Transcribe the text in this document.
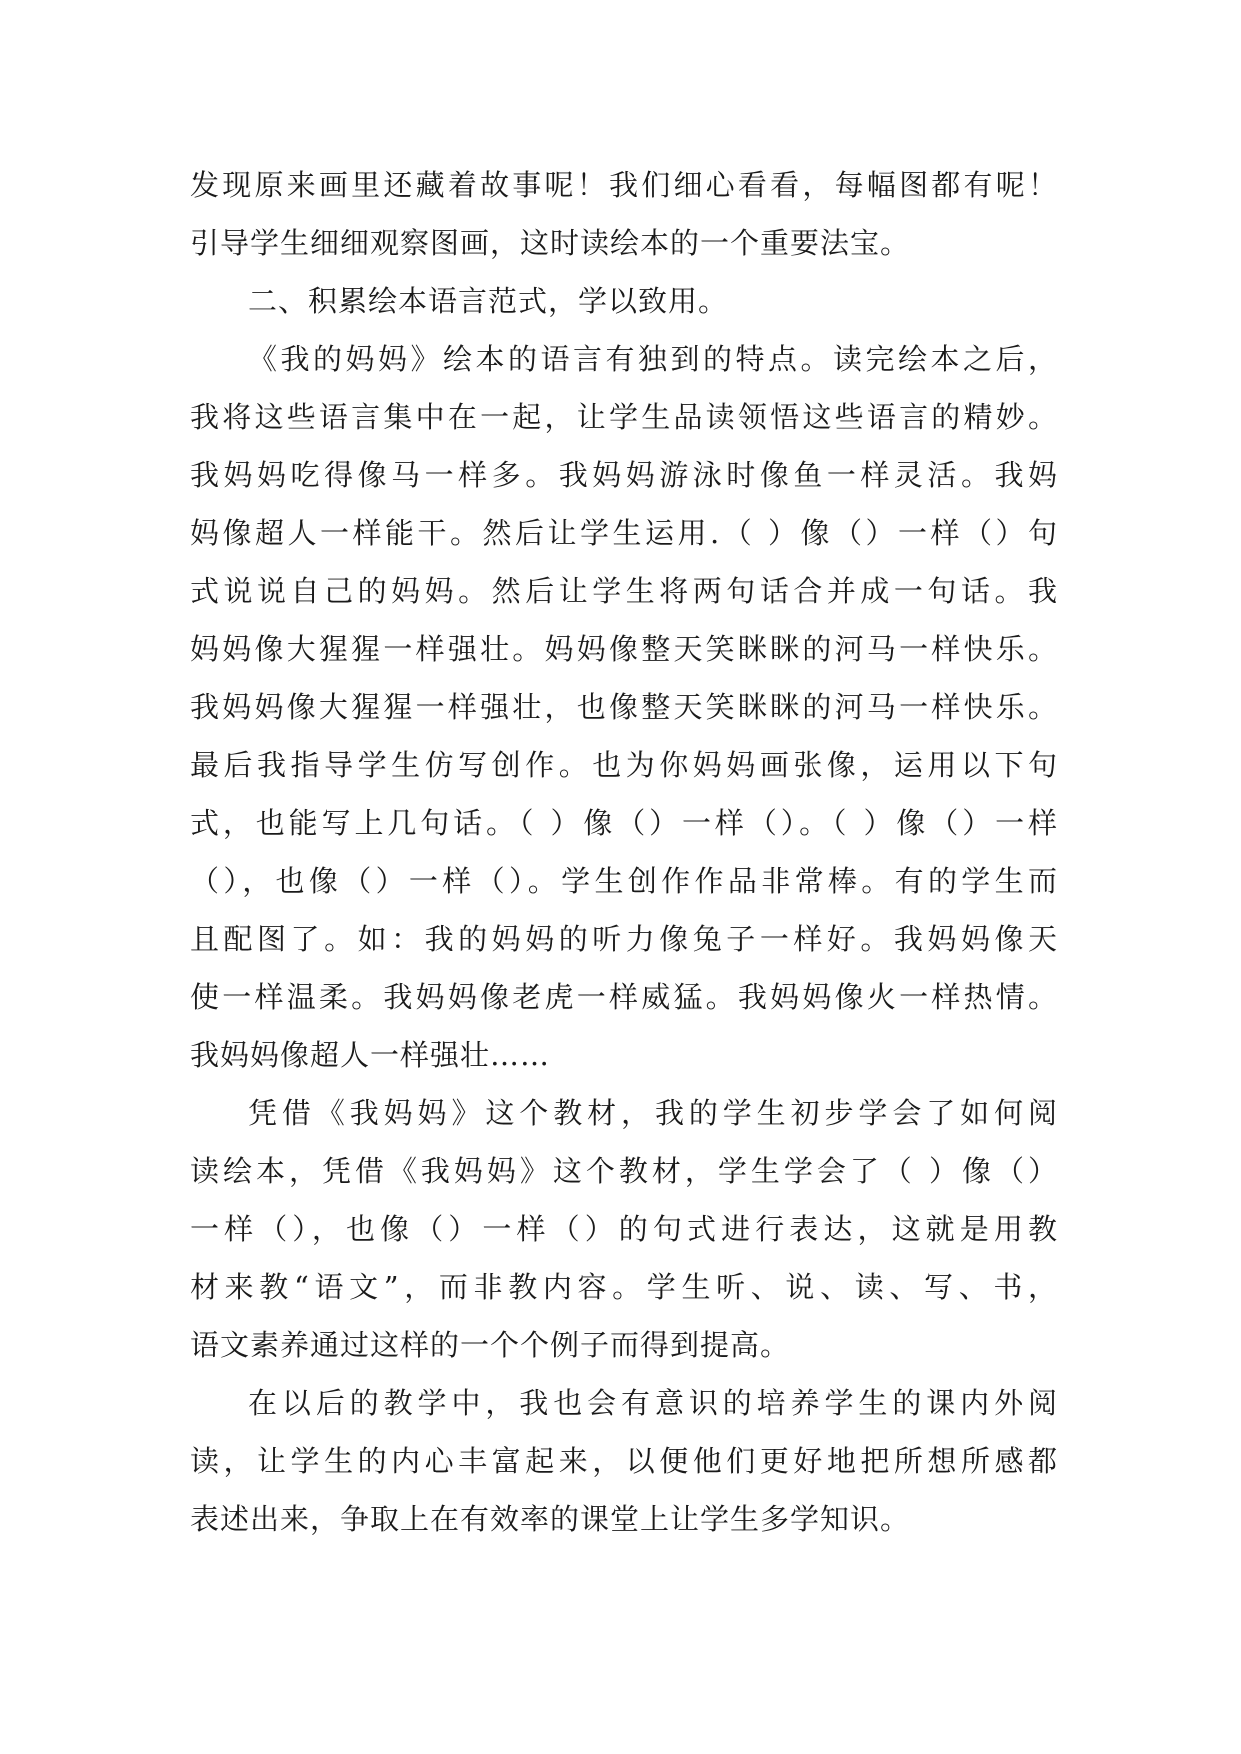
发现原来画里还藏着故事呢！我们细心看看，每幅图都有呢！
引导学生细细观察图画，这时读绘本的一个重要法宝。
二、积累绘本语言范式，学以致用。
《我的妈妈》绘本的语言有独到的特点。读完绘本之后，
我将这些语言集中在一起，让学生品读领悟这些语言的精妙。
我妈妈吃得像马一样多。我妈妈游泳时像鱼一样灵活。我妈
妈像超人一样能干。然后让学生运用.（ ）像（）一样（）句
式说说自己的妈妈。然后让学生将两句话合并成一句话。我
妈妈像大猩猩一样强壮。妈妈像整天笑眯眯的河马一样快乐。
我妈妈像大猩猩一样强壮，也像整天笑眯眯的河马一样快乐。
最后我指导学生仿写创作。也为你妈妈画张像，运用以下句
式，也能写上几句话。（ ）像（）一样（）。（ ）像（）一样
（），也像（）一样（）。学生创作作品非常棒。有的学生而
且配图了。如：我的妈妈的听力像兔子一样好。我妈妈像天
使一样温柔。我妈妈像老虎一样威猛。我妈妈像火一样热情。
我妈妈像超人一样强壮……
凭借《我妈妈》这个教材，我的学生初步学会了如何阅
读绘本，凭借《我妈妈》这个教材，学生学会了（ ）像（）
一样（），也像（）一样（）的句式进行表达，这就是用教
材来教“语文”，而非教内容。学生听、说、读、写、书，
语文素养通过这样的一个个例子而得到提高。
在以后的教学中，我也会有意识的培养学生的课内外阅
读，让学生的内心丰富起来，以便他们更好地把所想所感都
表述出来，争取上在有效率的课堂上让学生多学知识。
